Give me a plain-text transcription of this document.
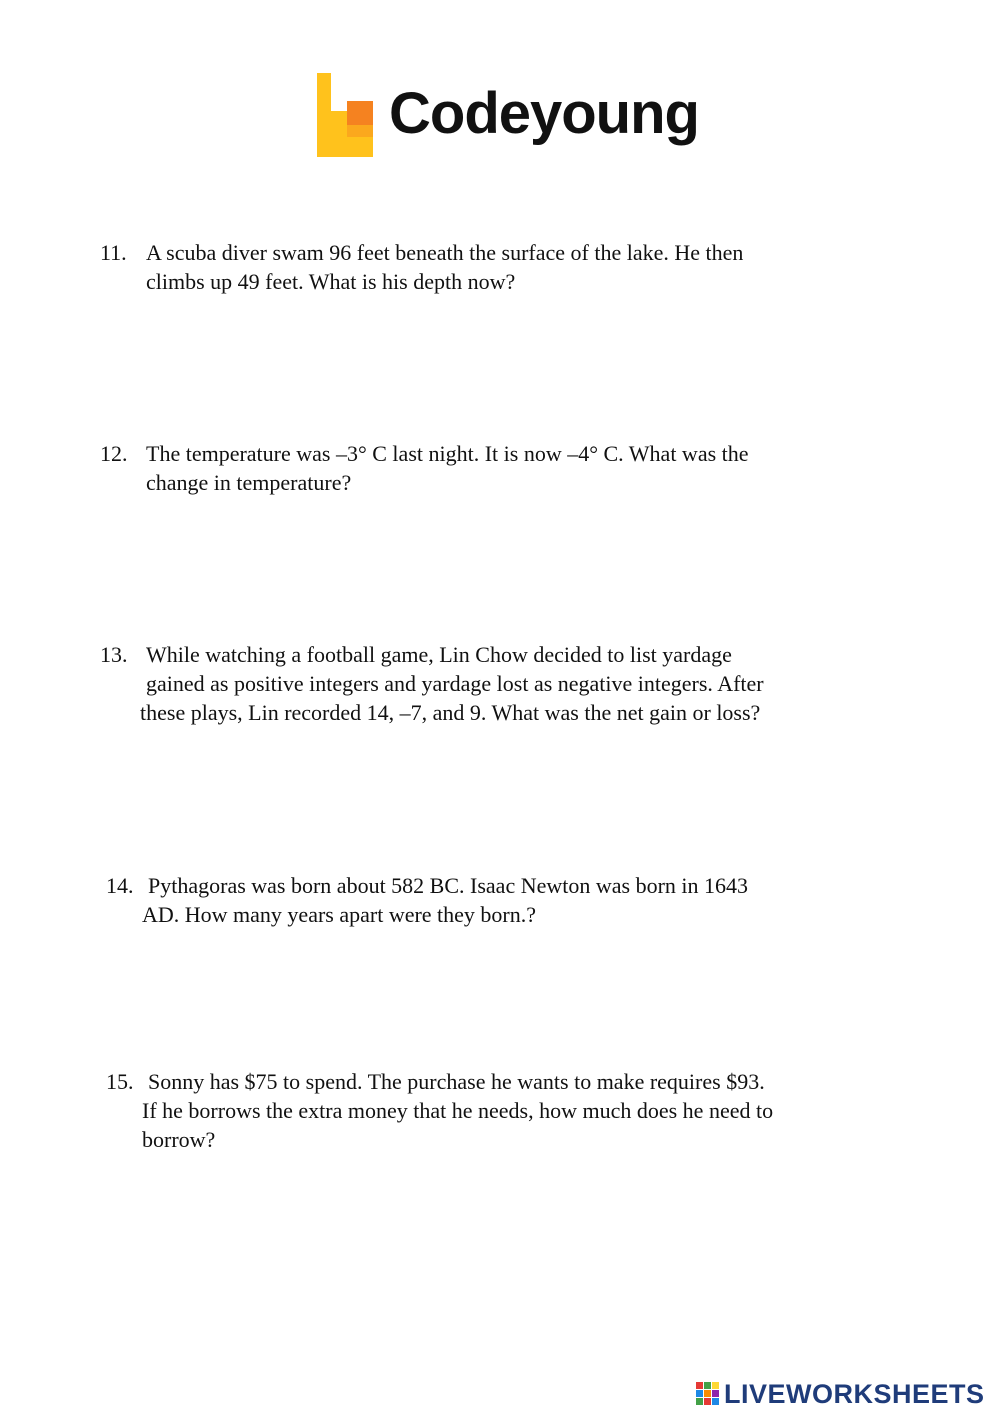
Codeyoung
11. A scuba diver swam 96 feet beneath the surface of the lake. He then
climbs up 49 feet. What is his depth now?
12. The temperature was –3° C last night. It is now –4° C. What was the
change in temperature?
13. While watching a football game, Lin Chow decided to list yardage
gained as positive integers and yardage lost as negative integers. After
these plays, Lin recorded 14, –7, and 9. What was the net gain or loss?
14. Pythagoras was born about 582 BC. Isaac Newton was born in 1643
AD. How many years apart were they born.?
15. Sonny has $75 to spend. The purchase he wants to make requires $93.
If he borrows the extra money that he needs, how much does he need to
borrow?
LIVEWORKSHEETS
